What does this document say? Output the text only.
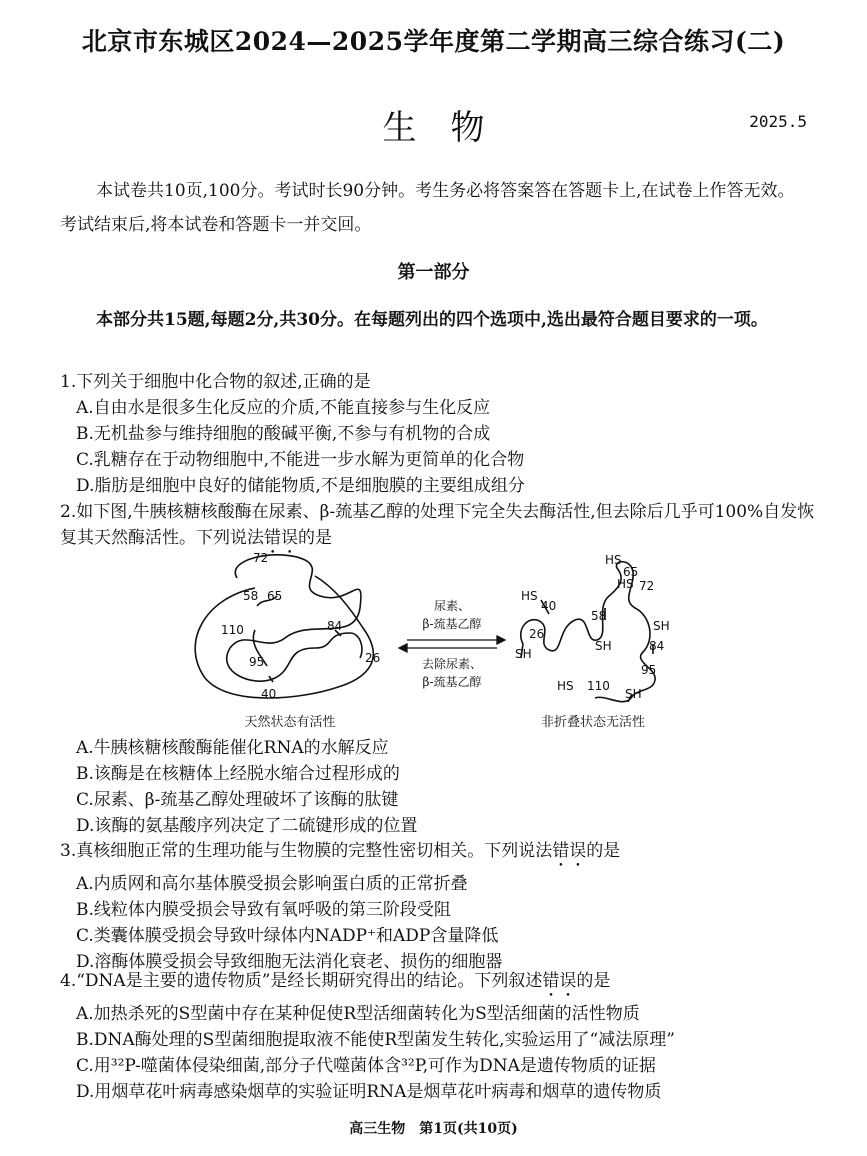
北京市东城区2024—2025学年度第二学期高三综合练习(二)
生物	2025.5
本试卷共10页,100分。考试时长90分钟。考生务必将答案答在答题卡上,在试卷上作答无效。考试结束后,将本试卷和答题卡一并交回。
第一部分
本部分共15题,每题2分,共30分。在每题列出的四个选项中,选出最符合题目要求的一项。
1.下列关于细胞中化合物的叙述,正确的是
A.自由水是很多生化反应的介质,不能直接参与生化反应
B.无机盐参与维持细胞的酸碱平衡,不参与有机物的合成
C.乳糖存在于动物细胞中,不能进一步水解为更简单的化合物
D.脂肪是细胞中良好的储能物质,不是细胞膜的主要组成组分
2.如下图,牛胰核糖核酸酶在尿素、β-巯基乙醇的处理下完全失去酶活性,但去除后几乎可100%自发恢复其天然酶活性。下列说法错误的是
72
58 65
110	84
26
95
40
尿素、
β-巯基乙醇
去除尿素、
β-巯基乙醇
HS
65
HS 72
HS
40
58
26
SH
84
SH
SH
95
HS 110
SH
天然状态有活性	非折叠状态无活性
A.牛胰核糖核酸酶能催化RNA的水解反应
B.该酶是在核糖体上经脱水缩合过程形成的
C.尿素、β-巯基乙醇处理破坏了该酶的肽键
D.该酶的氨基酸序列决定了二硫键形成的位置
3.真核细胞正常的生理功能与生物膜的完整性密切相关。下列说法错误的是
A.内质网和高尔基体膜受损会影响蛋白质的正常折叠
B.线粒体内膜受损会导致有氧呼吸的第三阶段受阻
C.类囊体膜受损会导致叶绿体内NADP⁺和ADP含量降低
D.溶酶体膜受损会导致细胞无法消化衰老、损伤的细胞器
4.“DNA是主要的遗传物质”是经长期研究得出的结论。下列叙述错误的是
A.加热杀死的S型菌中存在某种促使R型活细菌转化为S型活细菌的活性物质
B.DNA酶处理的S型菌细胞提取液不能使R型菌发生转化,实验运用了“减法原理”
C.用³²P-噬菌体侵染细菌,部分子代噬菌体含³²P,可作为DNA是遗传物质的证据
D.用烟草花叶病毒感染烟草的实验证明RNA是烟草花叶病毒和烟草的遗传物质
高三生物　第1页(共10页)
